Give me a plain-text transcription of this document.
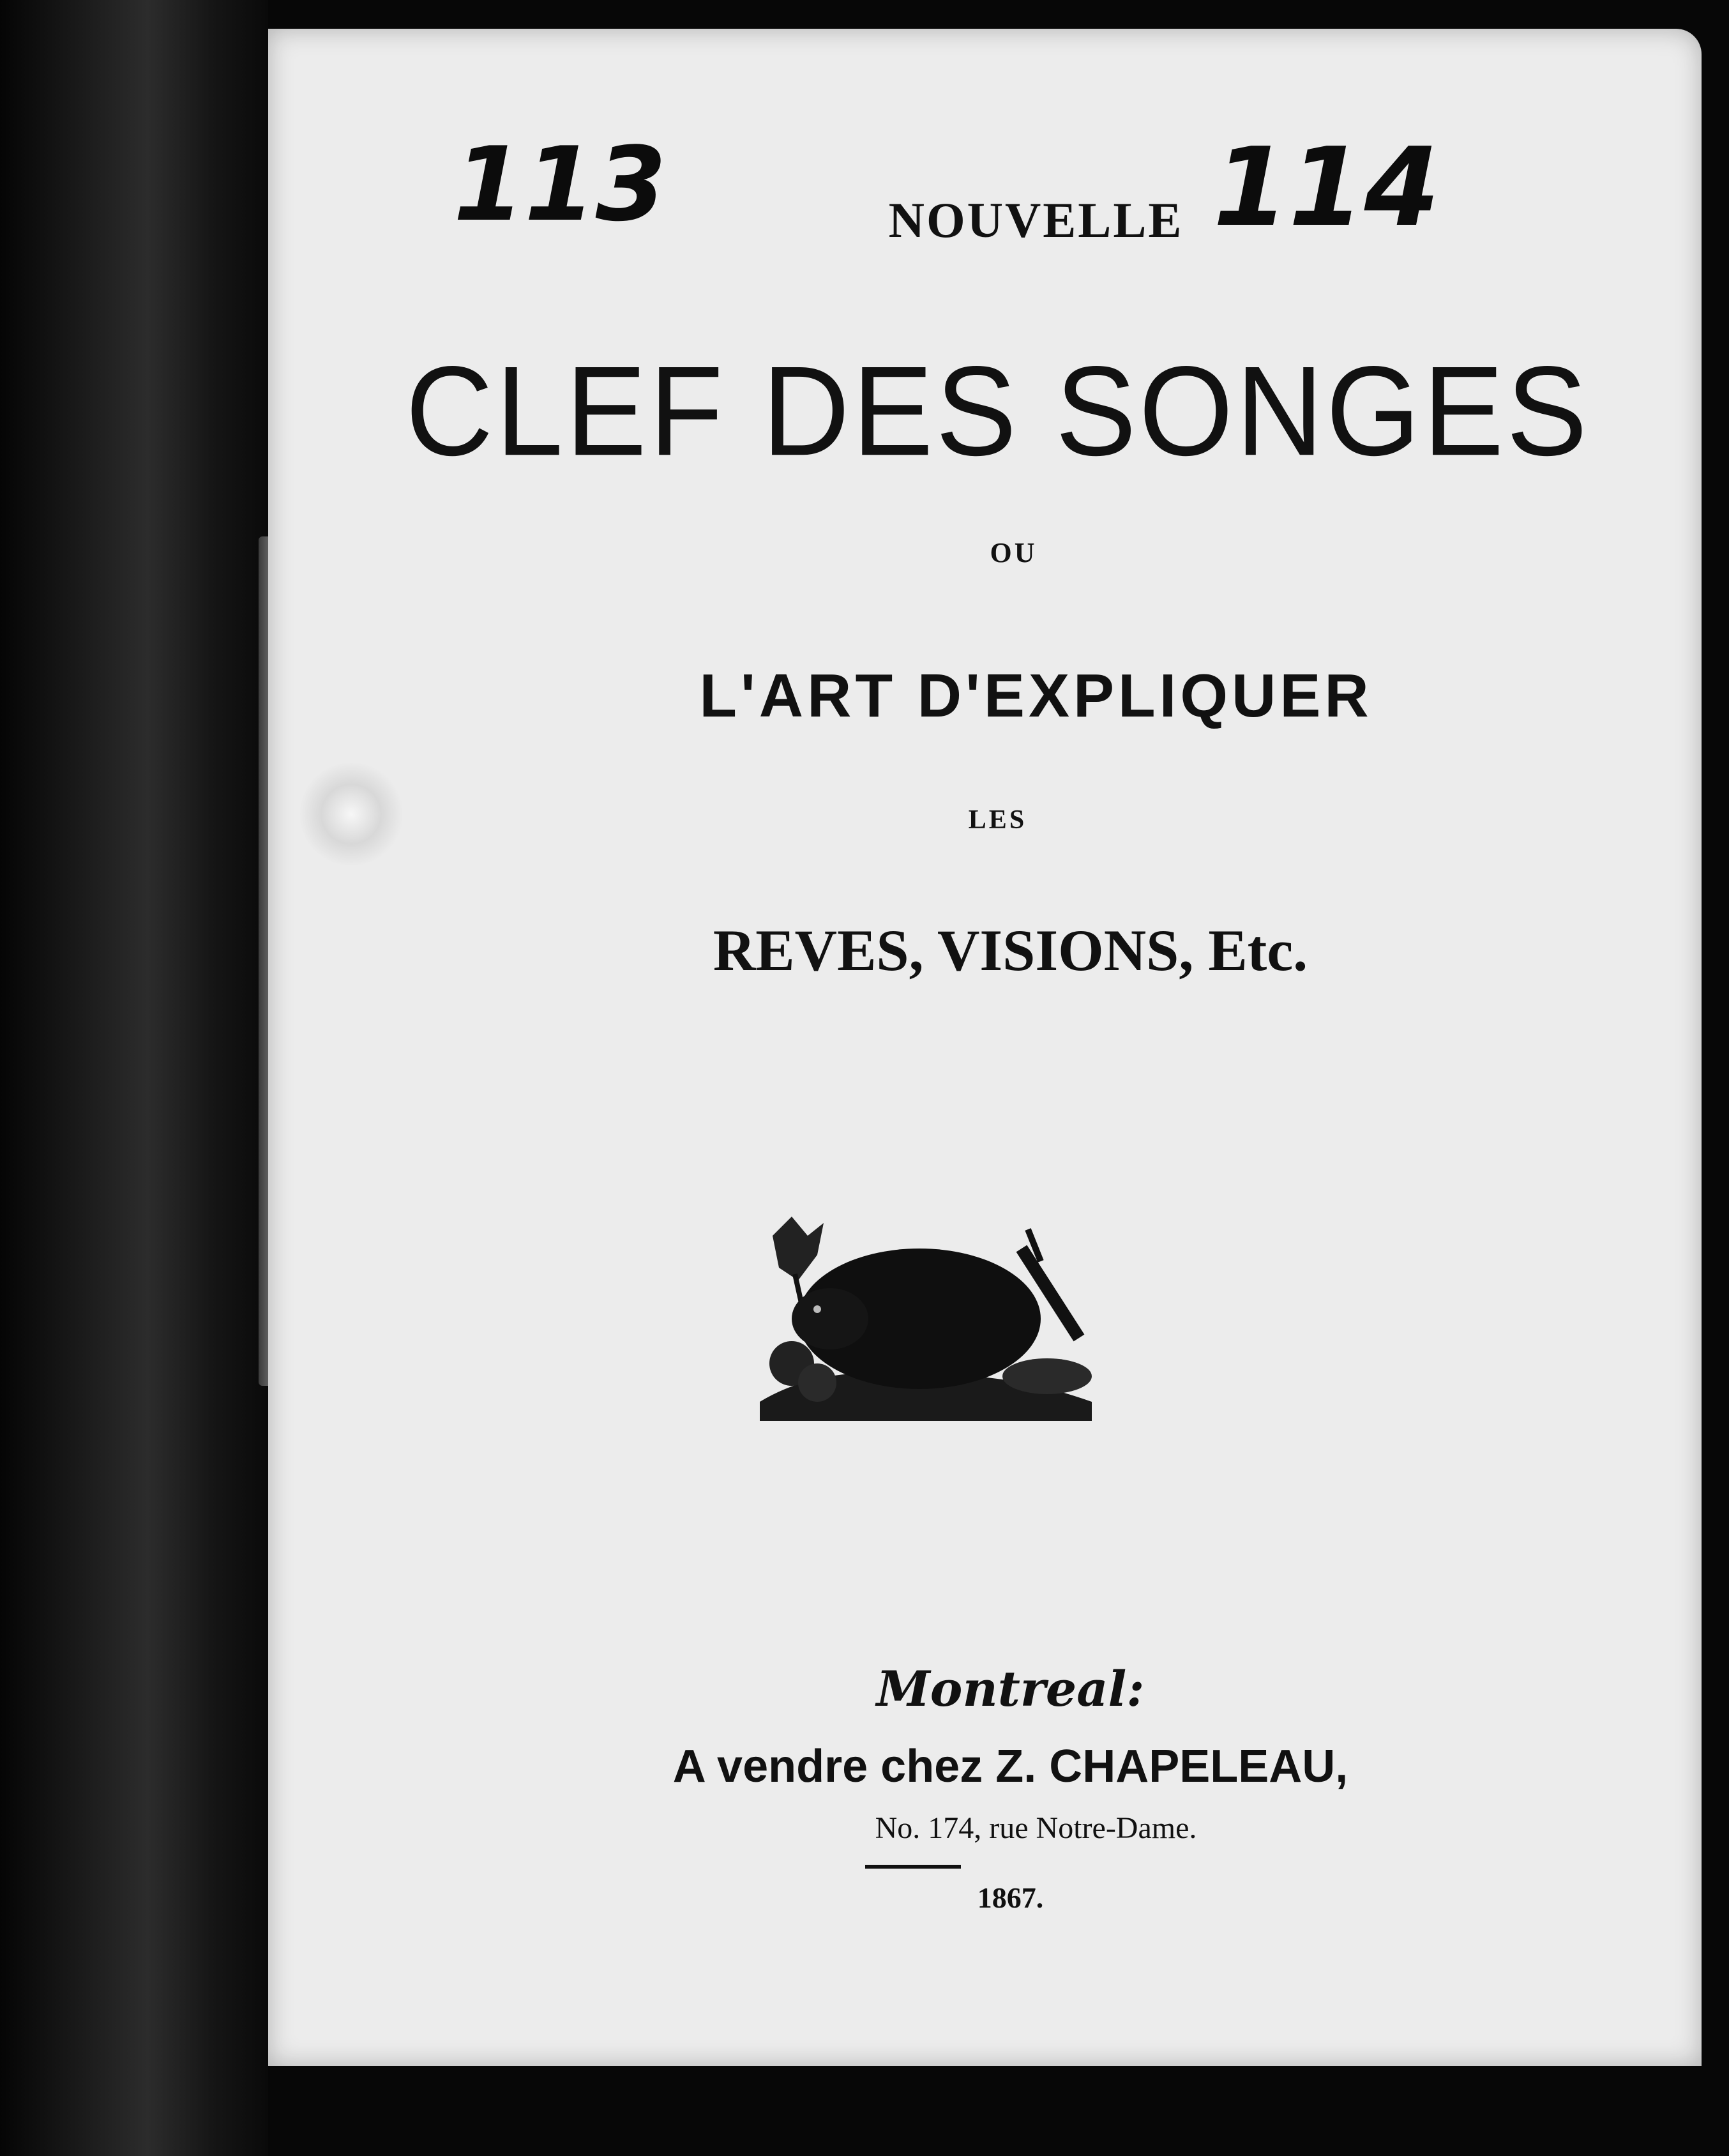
113	114
NOUVELLE
CLEF DES SONGES
OU
L'ART D'EXPLIQUER
LES
REVES, VISIONS, Etc.
Montreal:
A vendre chez Z. CHAPELEAU,
No. 174, rue Notre-Dame.
1867.
